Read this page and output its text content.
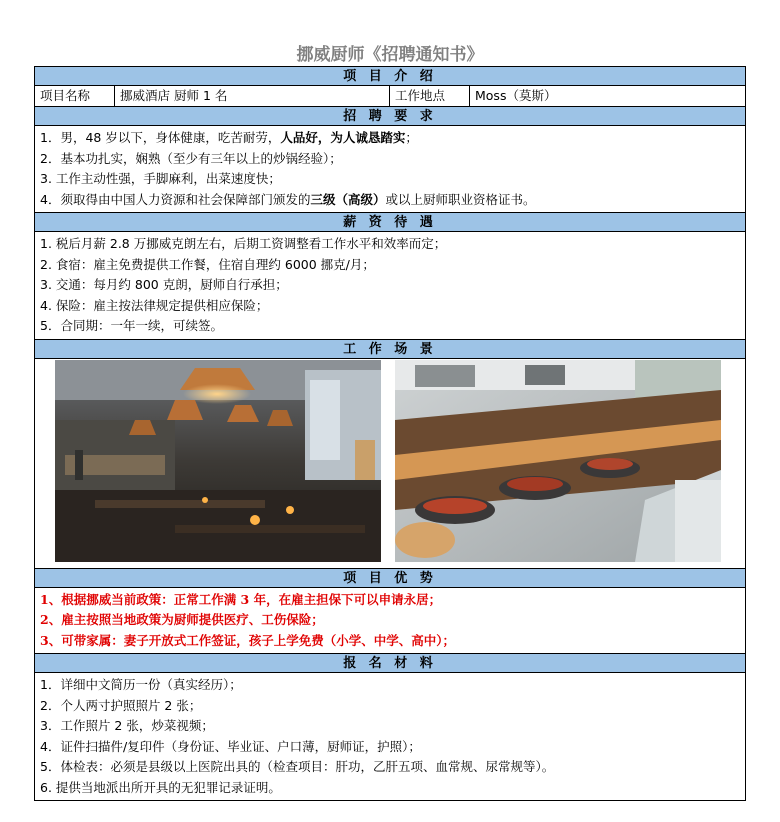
挪威厨师《招聘通知书》
项 目 介 绍
项目名称	挪威酒店 厨师 1 名	工作地点	Moss（莫斯）
招 聘 要 求
1．男，48 岁以下，身体健康，吃苦耐劳，人品好，为人诚恳踏实；
2．基本功扎实，娴熟（至少有三年以上的炒锅经验）；
3. 工作主动性强，手脚麻利，出菜速度快；
4．须取得由中国人力资源和社会保障部门颁发的三级（高级）或以上厨师职业资格证书。
薪 资 待 遇
1. 税后月薪 2.8 万挪威克朗左右，后期工资调整看工作水平和效率而定；
2. 食宿：雇主免费提供工作餐，住宿自理约 6000 挪克/月；
3. 交通：每月约 800 克朗，厨师自行承担；
4. 保险：雇主按法律规定提供相应保险；
5．合同期：一年一续，可续签。
工 作 场 景
项 目 优 势
1、根据挪威当前政策：正常工作满 3 年，在雇主担保下可以申请永居；
2、雇主按照当地政策为厨师提供医疗、工伤保险；
3、可带家属：妻子开放式工作签证，孩子上学免费（小学、中学、高中）；
报 名 材 料
1．详细中文简历一份（真实经历）；
2．个人两寸护照照片 2 张；
3．工作照片 2 张，炒菜视频；
4．证件扫描件/复印件（身份证、毕业证、户口薄，厨师证，护照）；
5．体检表：必须是县级以上医院出具的（检查项目：肝功，乙肝五项、血常规、尿常规等）。
6. 提供当地派出所开具的无犯罪记录证明。
